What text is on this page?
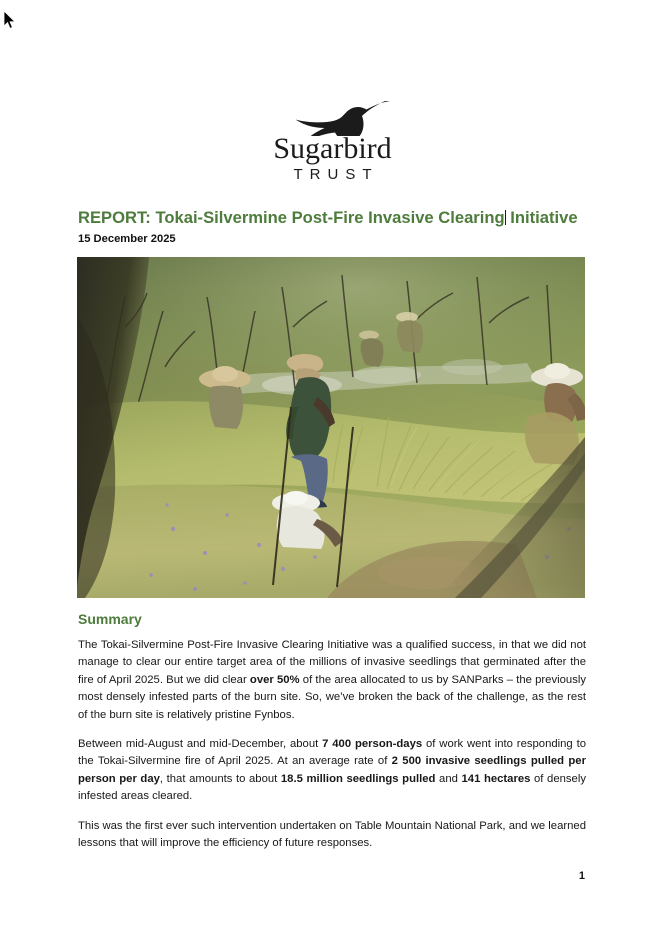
Sugarbird
TRUST
REPORT: Tokai-Silvermine Post-Fire Invasive Clearing Initiative
15 December 2025
Summary

The Tokai-Silvermine Post-Fire Invasive Clearing Initiative was a qualified success, in that we did not manage to clear our entire target area of the millions of invasive seedlings that germinated after the fire of April 2025. But we did clear over 50% of the area allocated to us by SANParks – the previously most densely infested parts of the burn site. So, we’ve broken the back of the challenge, as the rest of the burn site is relatively pristine Fynbos.

Between mid-August and mid-December, about 7 400 person-days of work went into responding to the Tokai-Silvermine fire of April 2025. At an average rate of 2 500 invasive seedlings pulled per person per day, that amounts to about 18.5 million seedlings pulled and 141 hectares of densely infested areas cleared.

This was the first ever such intervention undertaken on Table Mountain National Park, and we learned lessons that will improve the efficiency of future responses.

1
